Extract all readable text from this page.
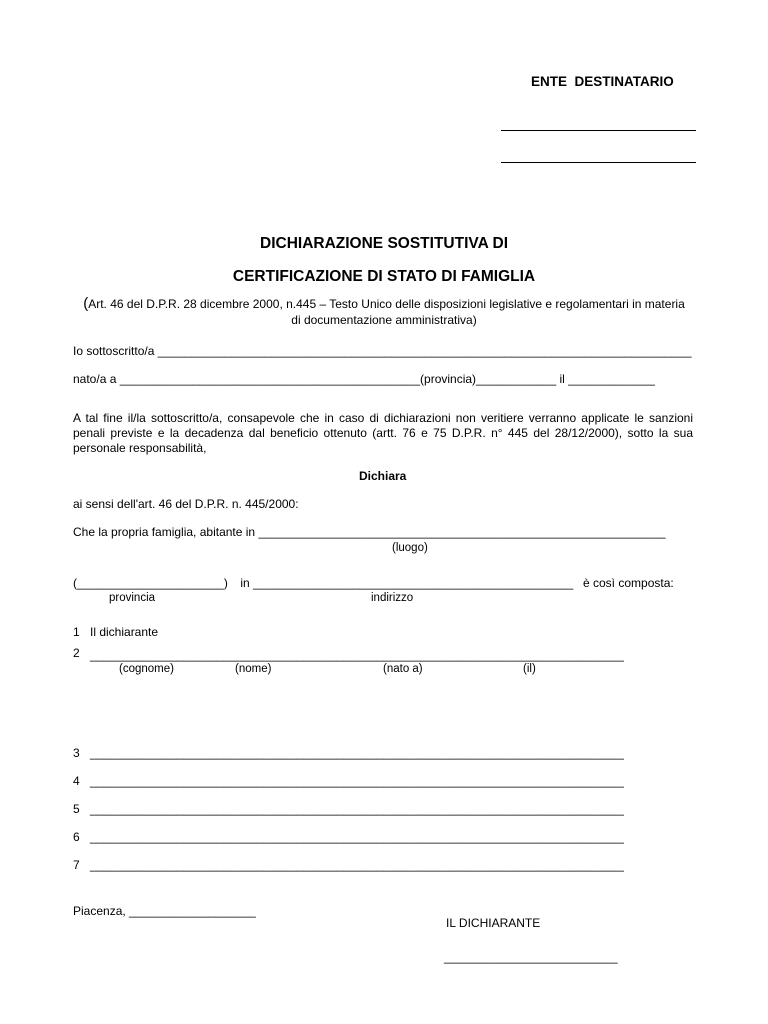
ENTE  DESTINATARIO
DICHIARAZIONE SOSTITUTIVA DI
CERTIFICAZIONE DI STATO DI FAMIGLIA
(Art. 46 del D.P.R. 28 dicembre 2000, n.445 – Testo Unico delle disposizioni legislative e regolamentari in materia di documentazione amministrativa)
Io sottoscritto/a ________________________________________________________________________________
nato/a a _____________________________________________(provincia)____________ il _____________
A tal fine il/la sottoscritto/a, consapevole che in caso di dichiarazioni non veritiere verranno applicate le sanzioni penali previste e la decadenza dal beneficio ottenuto (artt. 76 e 75 D.P.R. n° 445 del 28/12/2000), sotto la sua personale responsabilità,
Dichiara
ai sensi dell'art. 46 del D.P.R. n. 445/2000:
Che la propria famiglia, abitante in _____________________________________________________________
(luogo)
(______________________) in ________________________________________________ è così composta:
provincia	indirizzo
1 Il dichiarante
2 ________________________________________________________________________________
(cognome)	(nome)	(nato a)	(il)
3 ________________________________________________________________________________
4 ________________________________________________________________________________
5 ________________________________________________________________________________
6 ________________________________________________________________________________
7 ________________________________________________________________________________
Piacenza, ___________________
IL DICHIARANTE
__________________________
